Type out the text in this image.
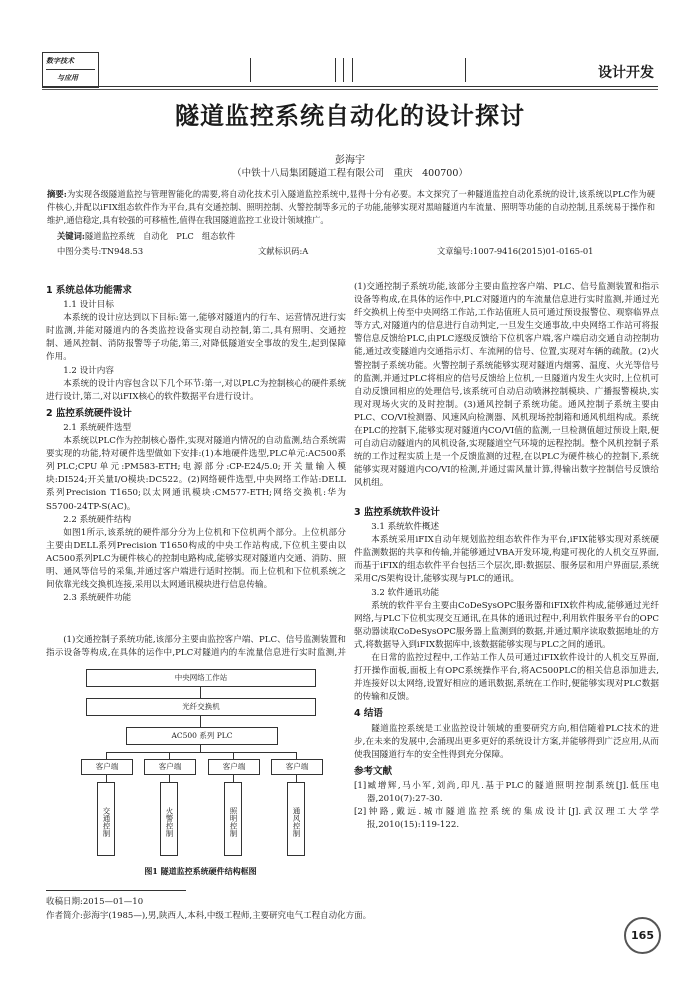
数字技术
与应用	设计开发
隧道监控系统自动化的设计探讨
彭海宇
（中铁十八局集团隧道工程有限公司　重庆　400700）
摘要:为实现各级隧道监控与管理智能化的需要,将自动化技术引入隧道监控系统中,显得十分有必要。本文探究了一种隧道监控自动化系统的设计,该系统以PLC作为硬件核心,并配以iFIX组态软件作为平台,具有交通控制、照明控制、火警控制等多元的子功能,能够实现对黑暗隧道内车流量、照明等功能的自动控制,且系统易于操作和维护,通信稳定,具有较强的可移植性,值得在我国隧道监控工业设计领域推广。
关键词:隧道监控系统　自动化　PLC　组态软件
中图分类号:TN948.53	文献标识码:A	文章编号:1007-9416(2015)01-0165-01
1 系统总体功能需求

1.1 设计目标

本系统的设计应达到以下目标:第一,能够对隧道内的行车、运营情况进行实时监测,并能对隧道内的各类监控设备实现自动控制,第二,具有照明、交通控制、通风控制、消防报警等子功能,第三,对降低隧道安全事故的发生,起到保障作用。

1.2 设计内容

本系统的设计内容包含以下几个环节:第一,对以PLC为控制核心的硬件系统进行设计,第二,对以iFIX核心的软件数据平台进行设计。

2 监控系统硬件设计

2.1 系统硬件选型

本系统以PLC作为控制核心器件,实现对隧道内情况的自动监测,结合系统需要实现的功能,特对硬件选型做如下安排:(1)本地硬件选型,PLC单元:AC500系列PLC;CPU单元:PM583-ETH;电源部分:CP-E24/5.0;开关量输入模块:DI524;开关量I/O模块:DC522。(2)网络硬件选型,中央网络工作站:DELL系列Precision T1650;以太网通讯模块:CM577-ETH;网络交换机:华为S5700-24TP-S(AC)。

2.2 系统硬件结构

如图1所示,该系统的硬件部分分为上位机和下位机两个部分。上位机部分主要由DELL系列Precision T1650构成的中央工作站构成,下位机主要由以AC500系列PLC为硬件核心的控制电路构成,能够实现对隧道内交通、消防、照明、通风等信号的采集,并通过客户端进行适时控制。而上位机和下位机系统之间依靠光线交换机连接,采用以太网通讯模块进行信息传输。

2.3 系统硬件功能

(1)交通控制子系统功能,该部分主要由监控客户端、PLC、信号监测装置和指示设备等构成,在具体的运作中,PLC对隧道内的车流量信息进行实时监测,并

中央网络工作站
光纤交换机
AC500 系列 PLC
客户端	客户端	客户端	客户端
交通控制	火警控制	照明控制	通风控制
图1 隧道监控系统硬件结构框图

(1)交通控制子系统功能,该部分主要由监控客户端、PLC、信号监测装置和指示设备等构成,在具体的运作中,PLC对隧道内的车流量信息进行实时监测,并通过光纤交换机上传至中央网络工作站,工作站值班人员可通过预设报警位、观察临界点等方式,对隧道内的信息进行自动判定,一旦发生交通事故,中央网络工作站可将报警信息反馈给PLC,由PLC逐级反馈给下位机客户端,客户端启动交通自动控制功能,通过改变隧道内交通指示灯、车流闸的信号、位置,实现对车辆的疏散。(2)火警控制子系统功能。火警控制子系统能够实现对隧道内烟雾、温度、火光等信号的监测,并通过PLC将相应的信号反馈给上位机,一旦隧道内发生火灾时,上位机可自动反馈回相应的处理信号,该系统可自动启动喷淋控制模块、广播报警模块,实现对现场火灾的及时控制。(3)通风控制子系统功能。通风控制子系统主要由PLC、CO/VI检测器、风速风向检测器、风机现场控制箱和通风机组构成。系统在PLC的控制下,能够实现对隧道内CO/VI值的监测,一旦检测值超过预设上限,便可自动启动隧道内的风机设备,实现隧道空气环境的远程控制。整个风机控制子系统的工作过程实质上是一个反馈监测的过程,在以PLC为硬件核心的控制下,系统能够实现对隧道内CO/VI的检测,并通过需风量计算,得输出数字控制信号反馈给风机组。

3 监控系统软件设计

3.1 系统软件概述

本系统采用iFIX自动年规划监控组态软件作为平台,iFIX能够实现对系统硬件监测数据的共享和传输,并能够通过VBA开发环境,构建可视化的人机交互界面,而基于iFIX的组态软件平台包括三个层次,即:数据层、服务层和用户界面层,系统采用C/S架构设计,能够实现与PLC的通讯。

3.2 软件通讯功能

系统的软件平台主要由CoDeSysOPC服务器和iFIX软件构成,能够通过光纤网络,与PLC下位机实现交互通讯,在具体的通讯过程中,利用软件服务平台的OPC驱动器读取CoDeSysOPC服务器上监测到的数据,并通过顺序读取数据地址的方式,将数据导入到iFIX数据库中,该数据能够实现与PLC之间的通讯。

在日常的监控过程中,工作站工作人员可通过iFIX软件设计的人机交互界面,打开操作面板,面板上有OPC系统操作平台,将AC500PLC的相关信息添加进去,并连接好以太网络,设置好相应的通讯数据,系统在工作时,便能够实现对PLC数据的传输和反馈。

4 结语

隧道监控系统是工业监控设计领域的重要研究方向,相信随着PLC技术的进步,在未来的发展中,会涌现出更多更好的系统设计方案,并能够得到广泛应用,从而使我国隧道行车的安全性得到充分保障。

参考文献

[1]臧增辉,马小军,刘尚,印凡.基于PLC的隧道照明控制系统[J].低压电器,2010(7):27-30.

[2]钟路,戴远.城市隧道监控系统的集成设计[J].武汉理工大学学报,2010(15):119-122.

收稿日期:2015—01—10
作者简介:彭海宇(1985—),男,陕西人,本科,中级工程师,主要研究电气工程自动化方面。
165
